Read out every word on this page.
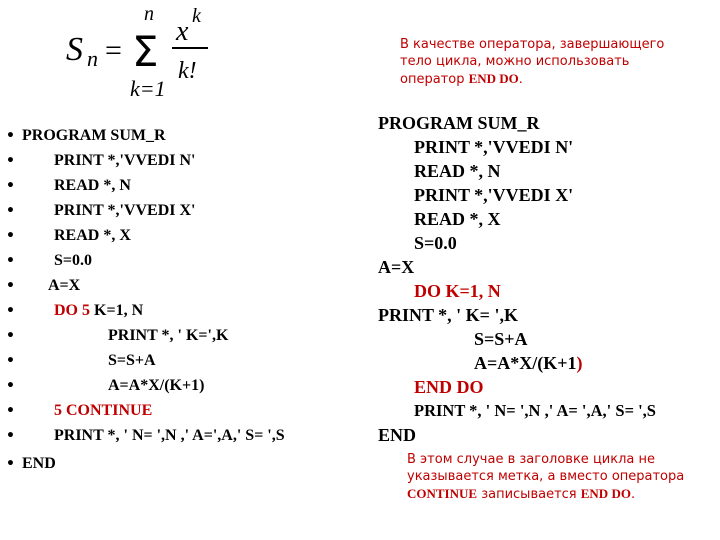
S n = Σ
n
k=1
x k
k!
В качестве оператора, завершающего
тело цикла, можно использовать
оператор END DO.
• PROGRAM SUM_R
• PRINT *,'VVEDI N'
• READ *, N
• PRINT *,'VVEDI X'
• READ *, X
• S=0.0
• A=X
• DO 5 K=1, N
•	PRINT *, ' K=',K
•	S=S+A
•	A=A*X/(K+1)
• 5 CONTINUE
• PRINT *, ' N= ',N ,' A=',A,' S= ',S
• END
PROGRAM SUM_R
PRINT *,'VVEDI N'
READ *, N
PRINT *,'VVEDI X'
READ *, X
S=0.0
A=X
DO K=1, N
PRINT *, ' K= ',K
S=S+A
A=A*X/(K+1)
END DO
PRINT *, ' N= ',N ,' A= ',A,' S= ',S
END
В этом случае в заголовке цикла не
указывается метка, а вместо оператора
CONTINUE записывается END DO.
